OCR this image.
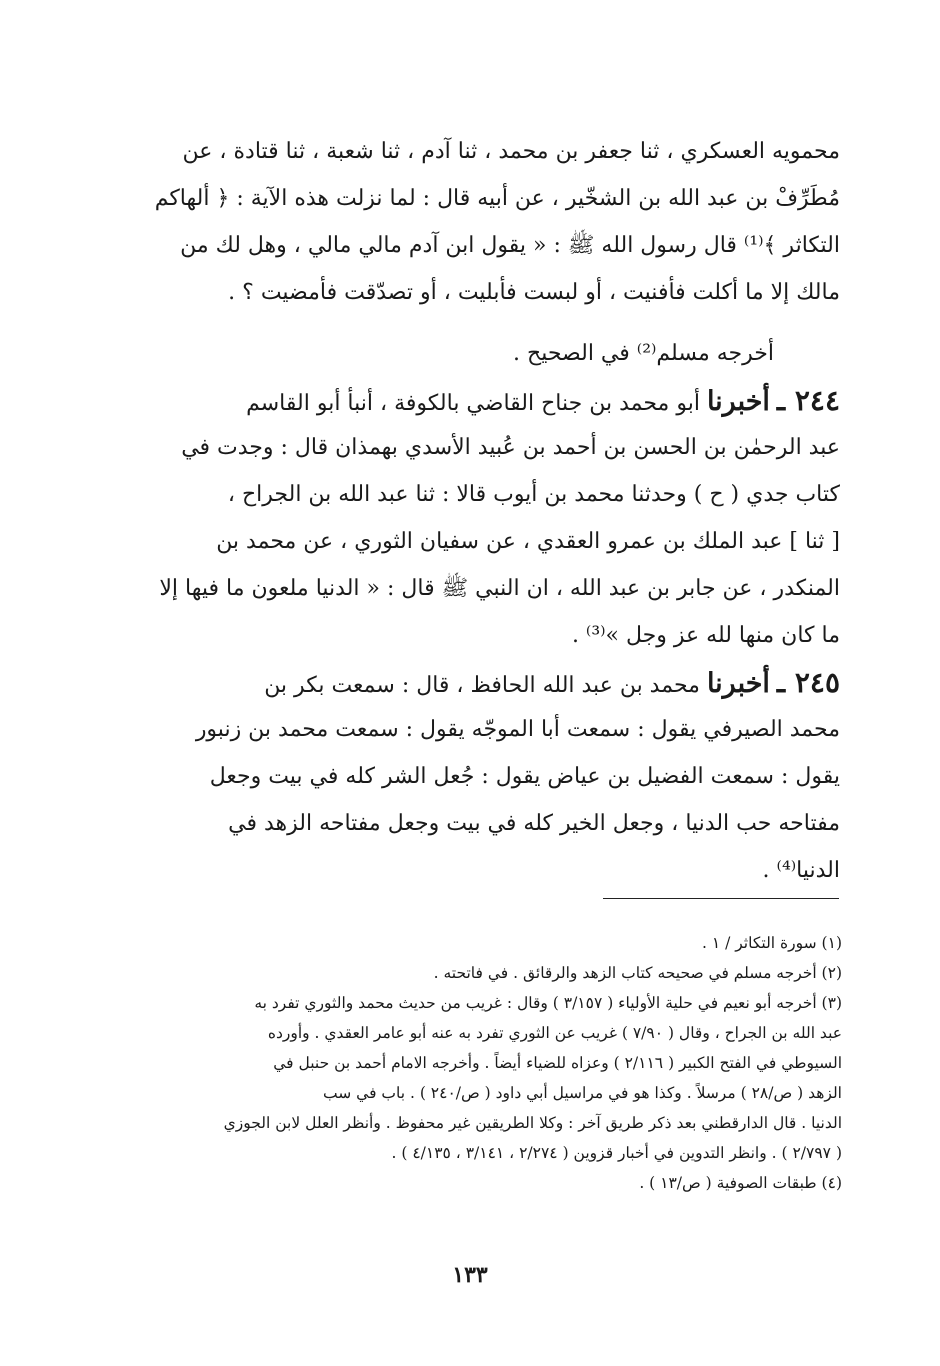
محمويه العسكري ، ثنا جعفر بن محمد ، ثنا آدم ، ثنا شعبة ، ثنا قتادة ، عن
مُطَرِّفْ بن عبد الله بن الشخّير ، عن أبيه قال : لما نزلت هذه الآية : ﴿ ألهاكم
التكاثر ﴾⁽¹⁾ قال رسول الله ﷺ : « يقول ابن آدم مالي مالي ، وهل لك من
مالك إلا ما أكلت فأفنيت ، أو لبست فأبليت ، أو تصدّقت فأمضيت ؟ .
أخرجه مسلم⁽²⁾ في الصحيح .
٢٤٤ ـ أخبرنا أبو محمد بن جناح القاضي بالكوفة ، أنبأ أبو القاسم
عبد الرحمٰن بن الحسن بن أحمد بن عُبيد الأسدي بهمذان قال : وجدت في
كتاب جدي ( ح ) وحدثنا محمد بن أيوب قالا : ثنا عبد الله بن الجراح ،
[ ثنا ] عبد الملك بن عمرو العقدي ، عن سفيان الثوري ، عن محمد بن
المنكدر ، عن جابر بن عبد الله ، ان النبي ﷺ قال : « الدنيا ملعون ما فيها إلا
ما كان منها لله عز وجل »⁽³⁾ .
٢٤٥ ـ أخبرنا محمد بن عبد الله الحافظ ، قال : سمعت بكر بن
محمد الصيرفي يقول : سمعت أبا الموجّه يقول : سمعت محمد بن زنبور
يقول : سمعت الفضيل بن عياض يقول : جُعل الشر كله في بيت وجعل
مفتاحه حب الدنيا ، وجعل الخير كله في بيت وجعل مفتاحه الزهد في
الدنيا⁽⁴⁾ .
(١) سورة التكاثر / ١ .
(٢) أخرجه مسلم في صحيحه كتاب الزهد والرقائق . في فاتحته .
(٣) أخرجه أبو نعيم في حلية الأولياء ( ٣/١٥٧ ) وقال : غريب من حديث محمد والثوري تفرد به
عبد الله بن الجراح ، وقال ( ٧/٩٠ ) غريب عن الثوري تفرد به عنه أبو عامر العقدي . وأورده
السيوطي في الفتح الكبير ( ٢/١١٦ ) وعزاه للضياء أيضاً . وأخرجه الامام أحمد بن حنبل في
الزهد ( ص/٢٨ ) مرسلاً . وكذا هو في مراسيل أبي داود ( ص/٢٤٠ ) . باب في سب
الدنيا . قال الدارقطني بعد ذكر طريق آخر : وكلا الطريقين غير محفوظ . وأنظر العلل لابن الجوزي
( ٢/٧٩٧ ) . وانظر التدوين في أخبار قزوين ( ٢/٢٧٤ ، ٣/١٤١ ، ٤/١٣٥ ) .
(٤) طبقات الصوفية ( ص/١٣ ) .
١٣٣
